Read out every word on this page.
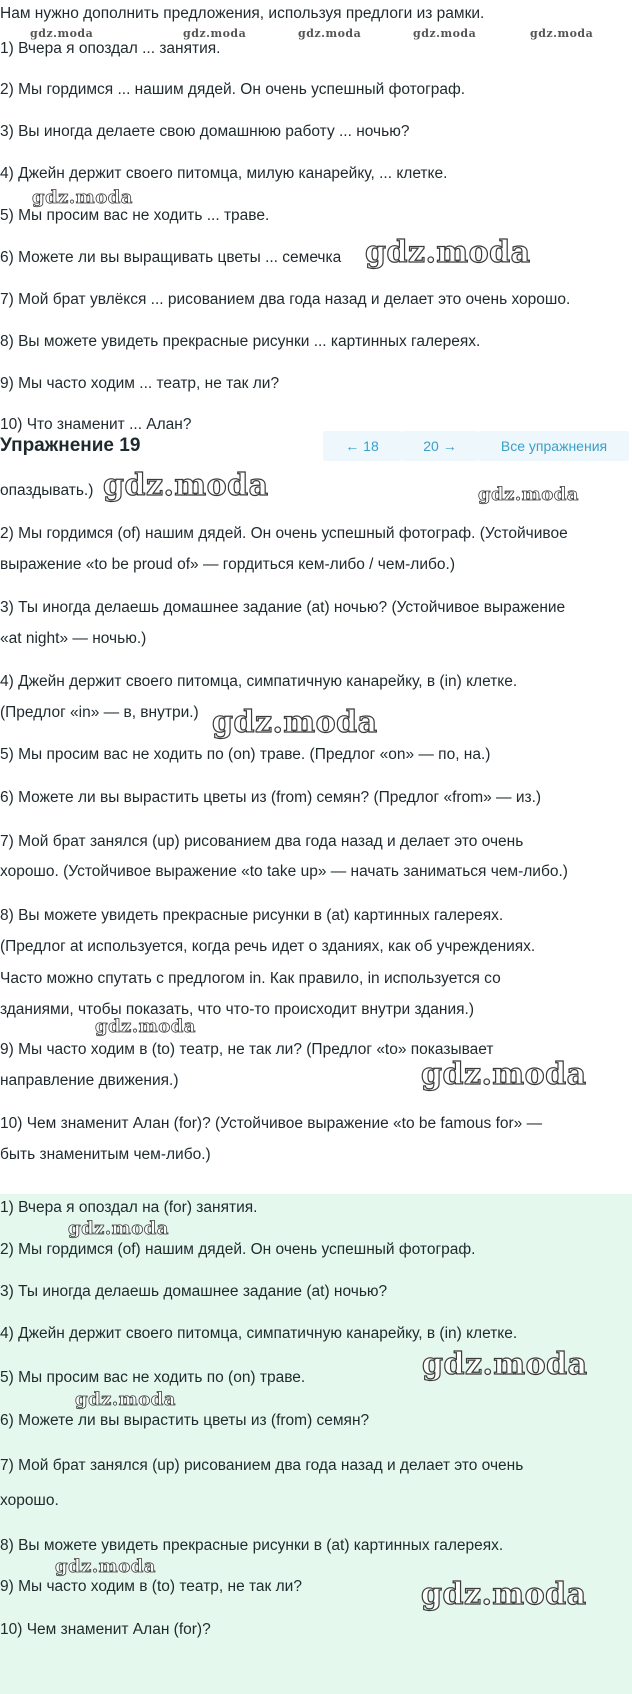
Нам нужно дополнить предложения, используя предлоги из рамки.
gdz.moda	gdz.moda	gdz.moda	gdz.moda	gdz.moda
1) Вчера я опоздал ... занятия.
2) Мы гордимся ... нашим дядей. Он очень успешный фотограф.
3) Вы иногда делаете свою домашнюю работу ... ночью?
4) Джейн держит своего питомца, милую канарейку, ... клетке.
gdz.moda
5) Мы просим вас не ходить ... траве.
6) Можете ли вы выращивать цветы ... семечка gdz.moda
7) Мой брат увлёкся ... рисованием два года назад и делает это очень хорошо.
8) Вы можете увидеть прекрасные рисунки ... картинных галереях.
9) Мы часто ходим ... театр, не так ли?
10) Что знаменит ... Алан?
Упражнение 19	← 18	20 →	Все упражнения
опаздывать.) gdz.moda	gdz.moda
2) Мы гордимся (of) нашим дядей. Он очень успешный фотограф. (Устойчивое
выражение «to be proud of» — гордиться кем-либо / чем-либо.)
3) Ты иногда делаешь домашнее задание (at) ночью? (Устойчивое выражение
«at night» — ночью.)
4) Джейн держит своего питомца, симпатичную канарейку, в (in) клетке.
(Предлог «in» — в, внутри.) gdz.moda
5) Мы просим вас не ходить по (on) траве. (Предлог «on» — по, на.)
6) Можете ли вы вырастить цветы из (from) семян? (Предлог «from» — из.)
7) Мой брат занялся (up) рисованием два года назад и делает это очень
хорошо. (Устойчивое выражение «to take up» — начать заниматься чем-либо.)
8) Вы можете увидеть прекрасные рисунки в (at) картинных галереях.
(Предлог at используется, когда речь идет о зданиях, как об учреждениях.
Часто можно спутать с предлогом in. Как правило, in используется со
зданиями, чтобы показать, что что-то происходит внутри здания.)
gdz.moda
9) Мы часто ходим в (to) театр, не так ли? (Предлог «to» показывает
направление движения.)	gdz.moda
10) Чем знаменит Алан (for)? (Устойчивое выражение «to be famous for» —
быть знаменитым чем-либо.)
1) Вчера я опоздал на (for) занятия.
gdz.moda
2) Мы гордимся (of) нашим дядей. Он очень успешный фотограф.
3) Ты иногда делаешь домашнее задание (at) ночью?
4) Джейн держит своего питомца, симпатичную канарейку, в (in) клетке.
gdz.moda
5) Мы просим вас не ходить по (on) траве.
gdz.moda
6) Можете ли вы вырастить цветы из (from) семян?
7) Мой брат занялся (up) рисованием два года назад и делает это очень
хорошо.
8) Вы можете увидеть прекрасные рисунки в (at) картинных галереях.
gdz.moda
9) Мы часто ходим в (to) театр, не так ли?	gdz.moda
10) Чем знаменит Алан (for)?
